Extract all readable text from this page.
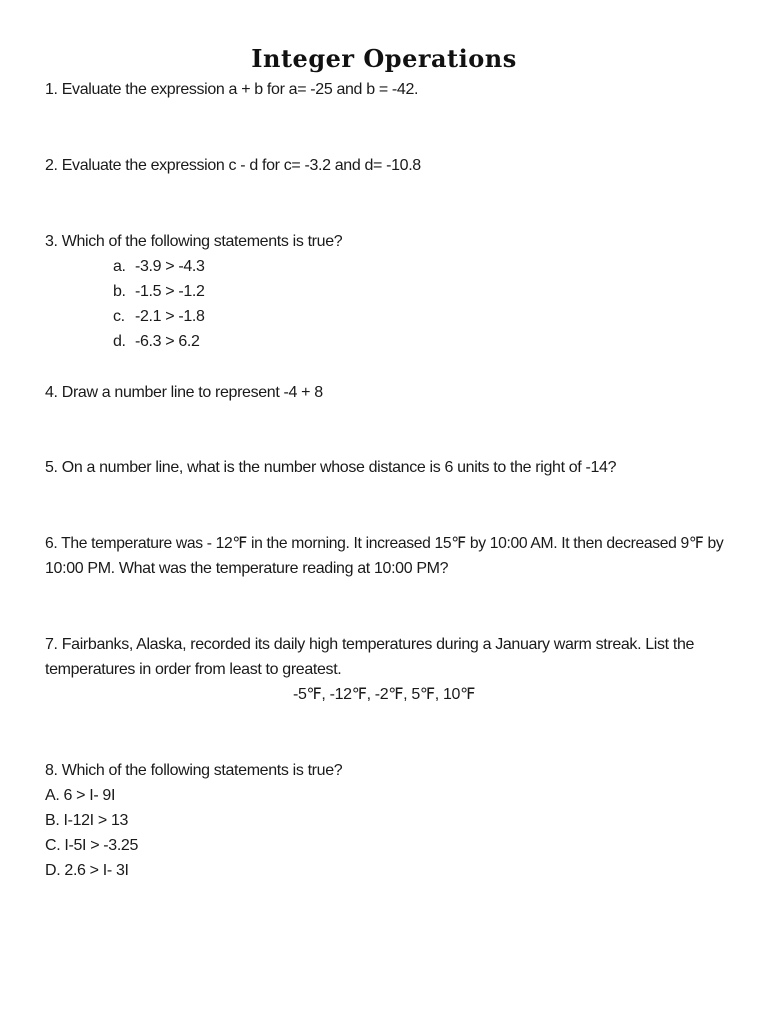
Integer Operations
1. Evaluate the expression a + b for a= -25 and b = -42.
2. Evaluate the expression c - d for c= -3.2 and d= -10.8
3. Which of the following statements is true?
a. -3.9 > -4.3
b. -1.5 > -1.2
c. -2.1 > -1.8
d. -6.3 > 6.2
4. Draw a number line to represent -4 + 8
5. On a number line, what is the number whose distance is 6 units to the right of -14?
6. The temperature was - 12℉ in the morning. It increased 15℉ by 10:00 AM. It then decreased 9℉ by
10:00 PM. What was the temperature reading at 10:00 PM?
7. Fairbanks, Alaska, recorded its daily high temperatures during a January warm streak. List the
temperatures in order from least to greatest.
-5℉, -12℉, -2℉, 5℉, 10℉
8. Which of the following statements is true?
A. 6 > I- 9I
B. I-12I > 13
C. I-5I > -3.25
D. 2.6 > I- 3I
